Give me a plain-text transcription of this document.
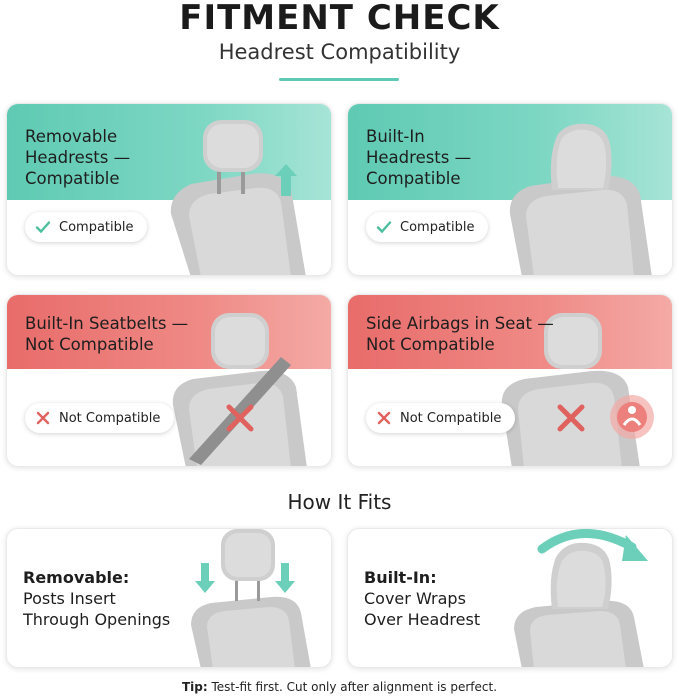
FITMENT CHECK
Headrest Compatibility
Removable
Headrests —
Compatible
Compatible
Built-In
Headrests —
Compatible
Compatible
Built-In Seatbelts —
Not Compatible
Not Compatible
Side Airbags in Seat —
Not Compatible
Not Compatible
How It Fits
Removable:
Posts Insert
Through Openings
Built-In:
Cover Wraps
Over Headrest
Tip: Test-fit first. Cut only after alignment is perfect.
